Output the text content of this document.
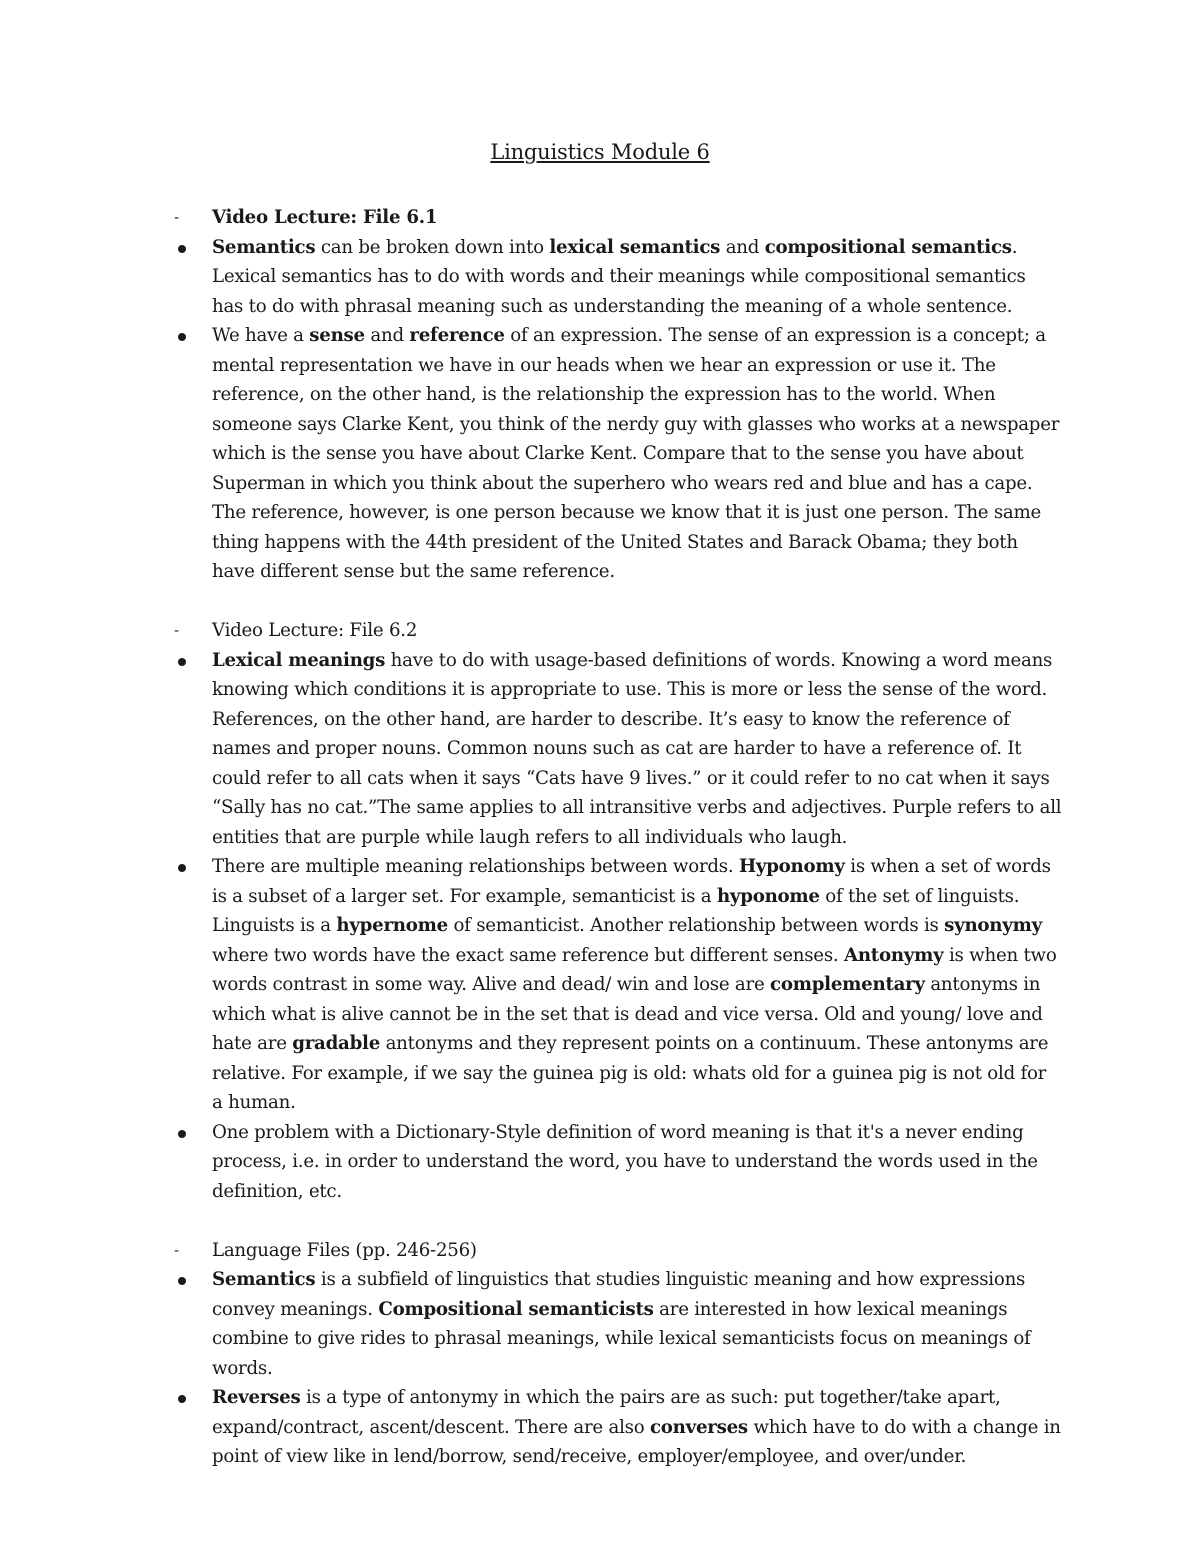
Linguistics Module 6
-	Video Lecture: File 6.1
Semantics can be broken down into lexical semantics and compositional semantics. Lexical semantics has to do with words and their meanings while compositional semantics has to do with phrasal meaning such as understanding the meaning of a whole sentence.
We have a sense and reference of an expression. The sense of an expression is a concept; a mental representation we have in our heads when we hear an expression or use it. The reference, on the other hand, is the relationship the expression has to the world. When someone says Clarke Kent, you think of the nerdy guy with glasses who works at a newspaper which is the sense you have about Clarke Kent. Compare that to the sense you have about Superman in which you think about the superhero who wears red and blue and has a cape. The reference, however, is one person because we know that it is just one person. The same thing happens with the 44th president of the United States and Barack Obama; they both have different sense but the same reference.
-	Video Lecture: File 6.2
Lexical meanings have to do with usage-based definitions of words. Knowing a word means knowing which conditions it is appropriate to use. This is more or less the sense of the word. References, on the other hand, are harder to describe. It’s easy to know the reference of names and proper nouns. Common nouns such as cat are harder to have a reference of. It could refer to all cats when it says “Cats have 9 lives.” or it could refer to no cat when it says “Sally has no cat.”The same applies to all intransitive verbs and adjectives. Purple refers to all entities that are purple while laugh refers to all individuals who laugh.
There are multiple meaning relationships between words. Hyponomy is when a set of words is a subset of a larger set. For example, semanticist is a hyponome of the set of linguists. Linguists is a hypernome of semanticist. Another relationship between words is synonymy where two words have the exact same reference but different senses. Antonymy is when two words contrast in some way. Alive and dead/ win and lose are complementary antonyms in which what is alive cannot be in the set that is dead and vice versa. Old and young/ love and hate are gradable antonyms and they represent points on a continuum. These antonyms are relative. For example, if we say the guinea pig is old: whats old for a guinea pig is not old for a human.
One problem with a Dictionary-Style definition of word meaning is that it's a never ending process, i.e. in order to understand the word, you have to understand the words used in the definition, etc.
-	Language Files (pp. 246-256)
Semantics is a subfield of linguistics that studies linguistic meaning and how expressions convey meanings. Compositional semanticists are interested in how lexical meanings combine to give rides to phrasal meanings, while lexical semanticists focus on meanings of words.
Reverses is a type of antonymy in which the pairs are as such: put together/take apart, expand/contract, ascent/descent. There are also converses which have to do with a change in point of view like in lend/borrow, send/receive, employer/employee, and over/under.
